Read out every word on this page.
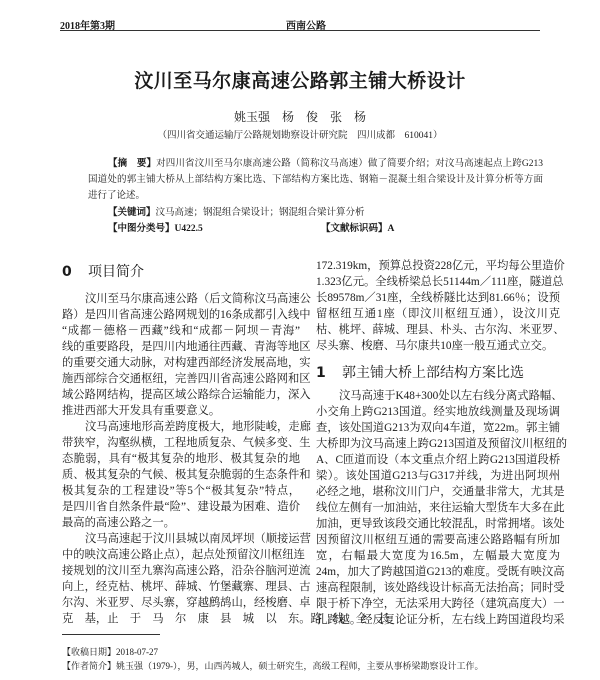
2018年第3期	西南公路
汶川至马尔康高速公路郭主铺大桥设计
姚玉强　杨　俊　张　杨
（四川省交通运输厅公路规划勘察设计研究院　四川成都　610041）
【摘　要】对四川省汶川至马尔康高速公路（简称汶马高速）做了简要介绍；对汶马高速起点上跨G213国道处的郭主铺大桥从上部结构方案比选、下部结构方案比选、钢箱－混凝土组合梁设计及计算分析等方面进行了论述。
【关键词】汶马高速；钢混组合梁设计；钢混组合梁计算分析
【中图分类号】U422.5	【文献标识码】A
0 项目简介
汶川至马尔康高速公路（后文简称汶马高速公
路）是四川省高速公路网规划的16条成都引入线中
“成都－德格－西藏”线和“成都－阿坝－青海”
线的重要路段，是四川内地通往西藏、青海等地区
的重要交通大动脉，对构建西部经济发展高地，实
施西部综合交通枢纽，完善四川省高速公路网和区
域公路网结构，提高区域公路综合运输能力，深入
推进西部大开发具有重要意义。
汶马高速地形高差跨度极大，地形陡峻，走廊
带狭窄，沟壑纵横，工程地质复杂、气候多变、生
态脆弱，具有“极其复杂的地形、极其复杂的地
质、极其复杂的气候、极其复杂脆弱的生态条件和
极其复杂的工程建设”等5个“极其复杂”特点，
是四川省自然条件最“险”、建设最为困难、造价
最高的高速公路之一。
汶马高速起于汶川县城以南凤坪坝（顺接运营
中的映汶高速公路止点），起点处预留汶川枢纽连
接规划的汶川至九寨沟高速公路，沿杂谷脑河逆流
向上，经克枯、桃坪、薛城、竹堡藏寨、理县、古
尔沟、米亚罗、尽头寨，穿越鹧鸪山，经梭磨、卓
克　基，止　于　马　尔　康　县　城　以　东。路　线　全　长
172.319km，预算总投资228亿元，平均每公里造价
1.323亿元。全线桥梁总长51144m／111座，隧道总
长89578m／31座，全线桥隧比达到81.66％；设预
留枢纽互通1座（即汶川枢纽互通），设汶川克
枯、桃坪、薛城、理县、朴头、古尔沟、米亚罗、
尽头寨、梭磨、马尔康共10座一般互通式立交。
1 郭主铺大桥上部结构方案比选
汶马高速于K48+300处以左右线分离式路幅、
小交角上跨G213国道。经实地放线测量及现场调
查，该处国道G213为双向4车道，宽22m。郭主铺
大桥即为汶马高速上跨G213国道及预留汶川枢纽的
A、C匝道而设（本文重点介绍上跨G213国道段桥
梁）。该处国道G213与G317并线，为进出阿坝州
必经之地，堪称汶川门户，交通量非常大，尤其是
线位左侧有一加油站，来往运输大型货车大多在此
加油，更导致该段交通比较混乱，时常拥堵。该处
因预留汶川枢纽互通的需要高速公路路幅有所加
宽，右幅最大宽度为16.5m，左幅最大宽度为
24m，加大了跨越国道G213的难度。受既有映汶高
速高程限制，该处路线设计标高无法抬高；同时受
限于桥下净空，无法采用大跨径（建筑高度大）一
孔跨越。经反复论证分析，左右线上跨国道段均采
【收稿日期】2018-07-27
【作者简介】姚玉强（1979-），男，山西芮城人，硕士研究生，高级工程师，主要从事桥梁勘察设计工作。
